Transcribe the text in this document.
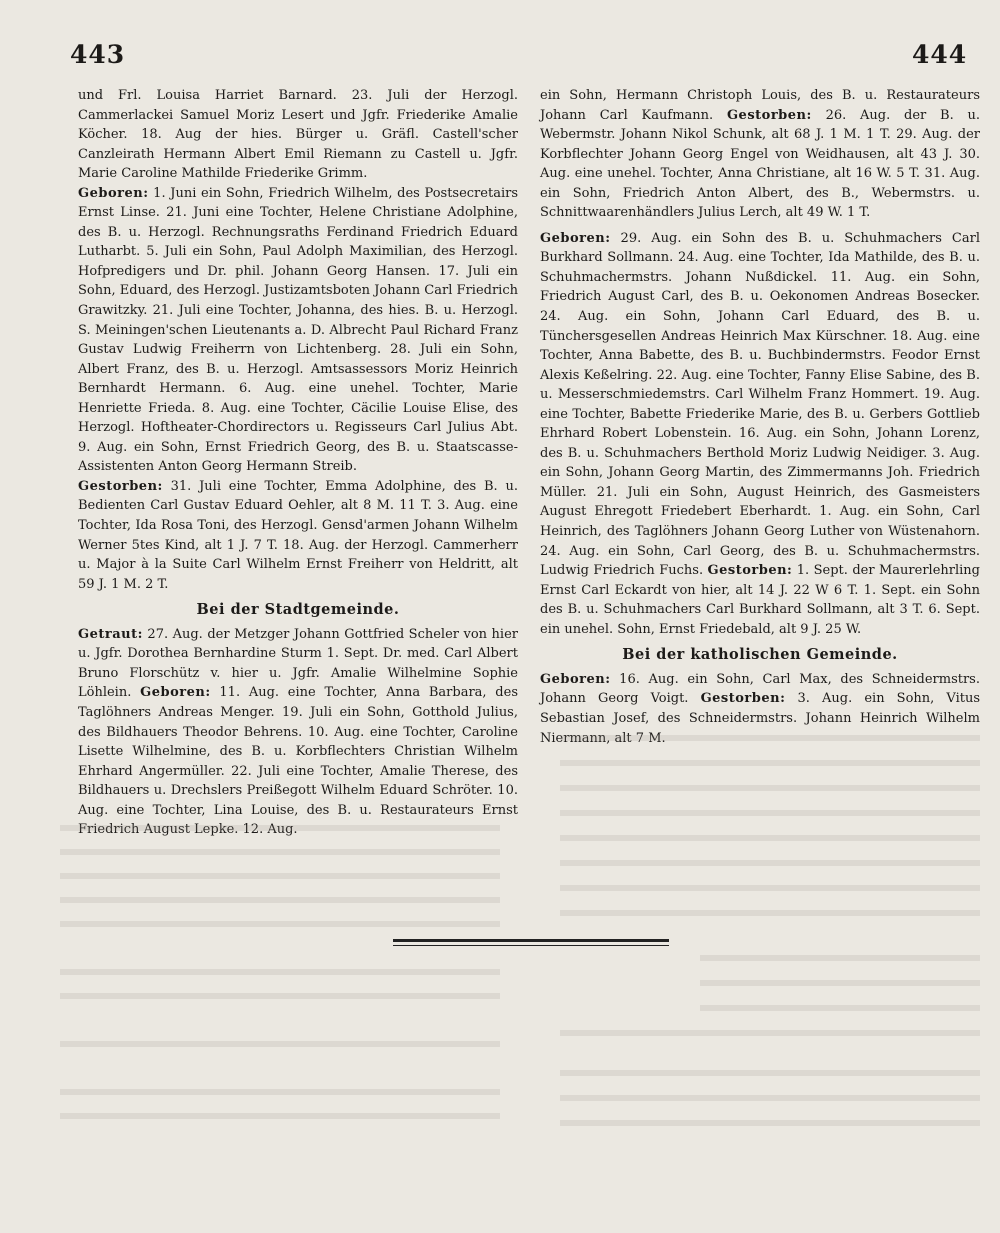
443	444

und Frl. Louisa Harriet Barnard. 23. Juli der Herzogl. Cammerlackei Samuel Moriz Lesert und Jgfr. Friederike Amalie Köcher. 18. Aug der hies. Bürger u. Gräfl. Castell'scher Canzleirath Hermann Albert Emil Riemann zu Castell u. Jgfr. Marie Caroline Mathilde Friederike Grimm.

Geboren: 1. Juni ein Sohn, Friedrich Wilhelm, des Postsecretairs Ernst Linse. 21. Juni eine Tochter, Helene Christiane Adolphine, des B. u. Herzogl. Rechnungsraths Ferdinand Friedrich Eduard Lutharbt. 5. Juli ein Sohn, Paul Adolph Maximilian, des Herzogl. Hofpredigers und Dr. phil. Johann Georg Hansen. 17. Juli ein Sohn, Eduard, des Herzogl. Justizamtsboten Johann Carl Friedrich Grawitzky. 21. Juli eine Tochter, Johanna, des hies. B. u. Herzogl. S. Meiningen'schen Lieutenants a. D. Albrecht Paul Richard Franz Gustav Ludwig Freiherrn von Lichtenberg. 28. Juli ein Sohn, Albert Franz, des B. u. Herzogl. Amtsassessors Moriz Heinrich Bernhardt Hermann. 6. Aug. eine unehel. Tochter, Marie Henriette Frieda. 8. Aug. eine Tochter, Cäcilie Louise Elise, des Herzogl. Hoftheater-Chordirectors u. Regisseurs Carl Julius Abt. 9. Aug. ein Sohn, Ernst Friedrich Georg, des B. u. Staatscasse-Assistenten Anton Georg Hermann Streib.

Gestorben: 31. Juli eine Tochter, Emma Adolphine, des B. u. Bedienten Carl Gustav Eduard Oehler, alt 8 M. 11 T. 3. Aug. eine Tochter, Ida Rosa Toni, des Herzogl. Gensd'armen Johann Wilhelm Werner 5tes Kind, alt 1 J. 7 T. 18. Aug. der Herzogl. Cammerherr u. Major à la Suite Carl Wilhelm Ernst Freiherr von Heldritt, alt 59 J. 1 M. 2 T.

Bei der Stadtgemeinde.

Getraut: 27. Aug. der Metzger Johann Gottfried Scheler von hier u. Jgfr. Dorothea Bernhardine Sturm 1. Sept. Dr. med. Carl Albert Bruno Florschütz v. hier u. Jgfr. Amalie Wilhelmine Sophie Löhlein. Geboren: 11. Aug. eine Tochter, Anna Barbara, des Taglöhners Andreas Menger. 19. Juli ein Sohn, Gotthold Julius, des Bildhauers Theodor Behrens. 10. Aug. eine Tochter, Caroline Lisette Wilhelmine, des B. u. Korbflechters Christian Wilhelm Ehrhard Angermüller. 22. Juli eine Tochter, Amalie Therese, des Bildhauers u. Drechslers Preißegott Wilhelm Eduard Schröter. 10. Aug. eine Tochter, Lina Louise, des B. u. Restaurateurs Ernst Friedrich August Lepke. 12. Aug.

ein Sohn, Hermann Christoph Louis, des B. u. Restaurateurs Johann Carl Kaufmann. Gestorben: 26. Aug. der B. u. Webermstr. Johann Nikol Schunk, alt 68 J. 1 M. 1 T. 29. Aug. der Korbflechter Johann Georg Engel von Weidhausen, alt 43 J. 30. Aug. eine unehel. Tochter, Anna Christiane, alt 16 W. 5 T. 31. Aug. ein Sohn, Friedrich Anton Albert, des B., Webermstrs. u. Schnittwaarenhändlers Julius Lerch, alt 49 W. 1 T.

Geboren: 29. Aug. ein Sohn des B. u. Schuhmachers Carl Burkhard Sollmann. 24. Aug. eine Tochter, Ida Mathilde, des B. u. Schuhmachermstrs. Johann Nußdickel. 11. Aug. ein Sohn, Friedrich August Carl, des B. u. Oekonomen Andreas Bosecker. 24. Aug. ein Sohn, Johann Carl Eduard, des B. u. Tünchersgesellen Andreas Heinrich Max Kürschner. 18. Aug. eine Tochter, Anna Babette, des B. u. Buchbindermstrs. Feodor Ernst Alexis Keßelring. 22. Aug. eine Tochter, Fanny Elise Sabine, des B. u. Messerschmiedemstrs. Carl Wilhelm Franz Hommert. 19. Aug. eine Tochter, Babette Friederike Marie, des B. u. Gerbers Gottlieb Ehrhard Robert Lobenstein. 16. Aug. ein Sohn, Johann Lorenz, des B. u. Schuhmachers Berthold Moriz Ludwig Neidiger. 3. Aug. ein Sohn, Johann Georg Martin, des Zimmermanns Joh. Friedrich Müller. 21. Juli ein Sohn, August Heinrich, des Gasmeisters August Ehregott Friedebert Eberhardt. 1. Aug. ein Sohn, Carl Heinrich, des Taglöhners Johann Georg Luther von Wüstenahorn. 24. Aug. ein Sohn, Carl Georg, des B. u. Schuhmachermstrs. Ludwig Friedrich Fuchs. Gestorben: 1. Sept. der Maurerlehrling Ernst Carl Eckardt von hier, alt 14 J. 22 W 6 T. 1. Sept. ein Sohn des B. u. Schuhmachers Carl Burkhard Sollmann, alt 3 T. 6. Sept. ein unehel. Sohn, Ernst Friedebald, alt 9 J. 25 W.

Bei der katholischen Gemeinde.

Geboren: 16. Aug. ein Sohn, Carl Max, des Schneidermstrs. Johann Georg Voigt. Gestorben: 3. Aug. ein Sohn, Vitus Sebastian Josef, des Schneidermstrs. Johann Heinrich Wilhelm Niermann, alt 7 M.
